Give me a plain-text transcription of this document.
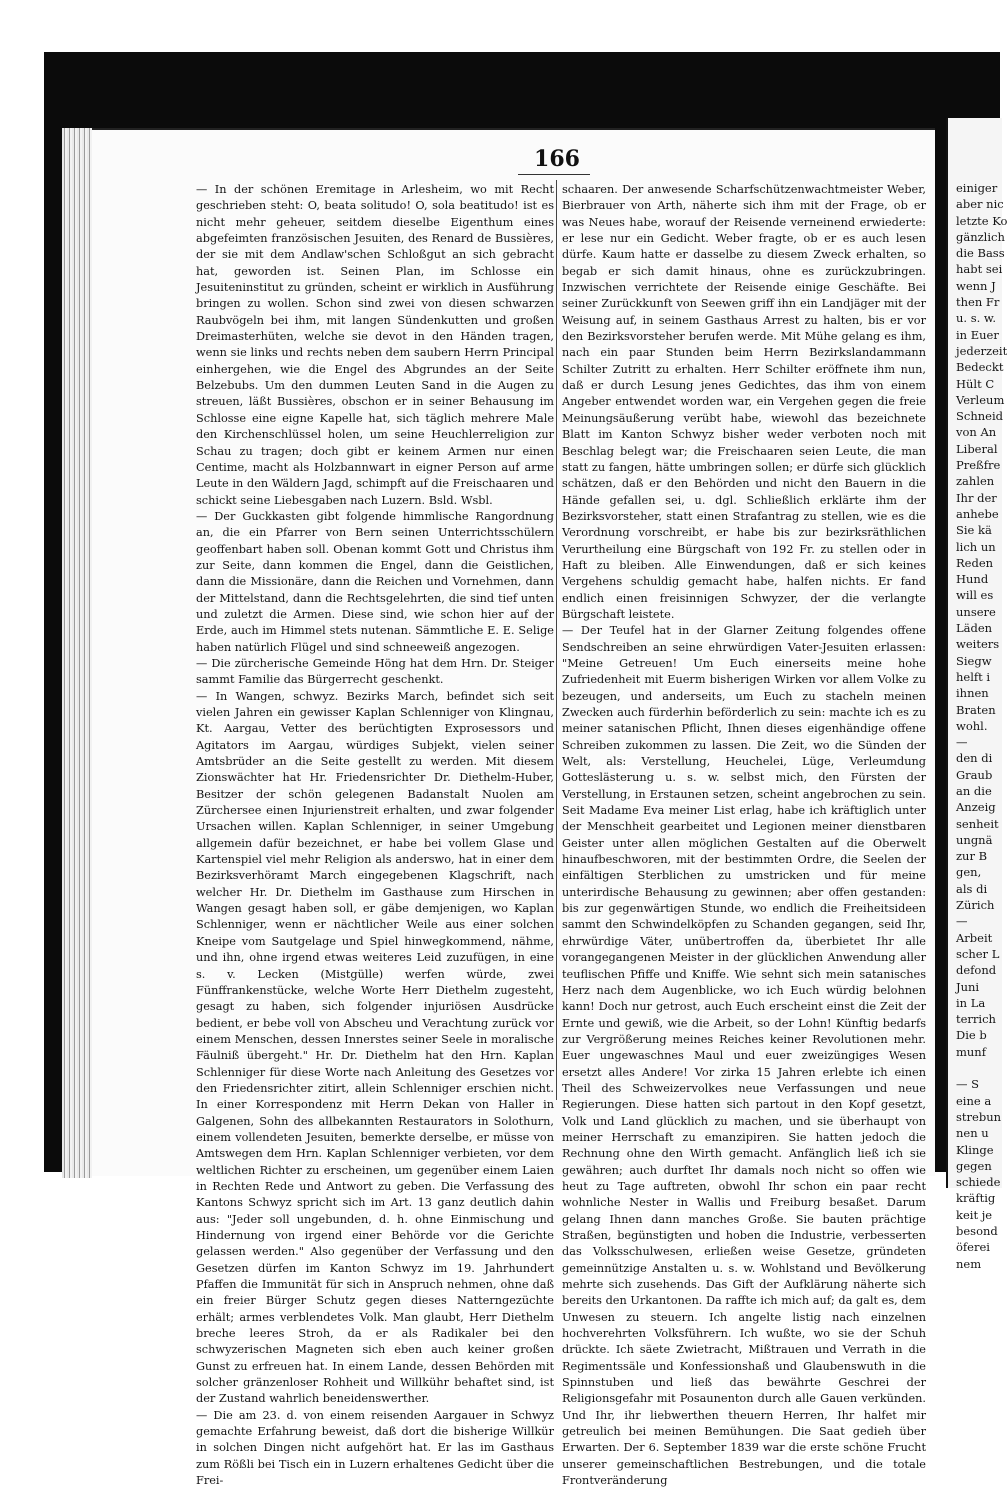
166

— In der schönen Eremitage in Arlesheim, wo mit Recht geschrieben steht: O, beata solitudo! O, sola beatitudo! ist es nicht mehr geheuer, seitdem dieselbe Eigenthum eines abgefeimten französischen Jesuiten, des Renard de Bussières, der sie mit dem Andlaw'schen Schloßgut an sich gebracht hat, geworden ist. Seinen Plan, im Schlosse ein Jesuiteninstitut zu gründen, scheint er wirklich in Ausführung bringen zu wollen. Schon sind zwei von diesen schwarzen Raubvögeln bei ihm, mit langen Sündenkutten und großen Dreimasterhüten, welche sie devot in den Händen tragen, wenn sie links und rechts neben dem saubern Herrn Principal einhergehen, wie die Engel des Abgrundes an der Seite Belzebubs. Um den dummen Leuten Sand in die Augen zu streuen, läßt Bussières, obschon er in seiner Behausung im Schlosse eine eigne Kapelle hat, sich täglich mehrere Male den Kirchenschlüssel holen, um seine Heuchlerreligion zur Schau zu tragen; doch gibt er keinem Armen nur einen Centime, macht als Holzbannwart in eigner Person auf arme Leute in den Wäldern Jagd, schimpft auf die Freischaaren und schickt seine Liebesgaben nach Luzern. Bsld. Wsbl.

— Der Guckkasten gibt folgende himmlische Rangordnung an, die ein Pfarrer von Bern seinen Unterrichtsschülern geoffenbart haben soll. Obenan kommt Gott und Christus ihm zur Seite, dann kommen die Engel, dann die Geistlichen, dann die Missionäre, dann die Reichen und Vornehmen, dann der Mittelstand, dann die Rechtsgelehrten, die sind tief unten und zuletzt die Armen. Diese sind, wie schon hier auf der Erde, auch im Himmel stets nutenan. Sämmtliche E. E. Selige haben natürlich Flügel und sind schneeweiß angezogen.

— Die zürcherische Gemeinde Höng hat dem Hrn. Dr. Steiger sammt Familie das Bürgerrecht geschenkt.

— In Wangen, schwyz. Bezirks March, befindet sich seit vielen Jahren ein gewisser Kaplan Schlenniger von Klingnau, Kt. Aargau, Vetter des berüchtigten Exprosessors und Agitators im Aargau, würdiges Subjekt, vielen seiner Amtsbrüder an die Seite gestellt zu werden. Mit diesem Zionswächter hat Hr. Friedensrichter Dr. Diethelm-Huber, Besitzer der schön gelegenen Badanstalt Nuolen am Zürchersee einen Injurienstreit erhalten, und zwar folgender Ursachen willen. Kaplan Schlenniger, in seiner Umgebung allgemein dafür bezeichnet, er habe bei vollem Glase und Kartenspiel viel mehr Religion als anderswo, hat in einer dem Bezirksverhöramt March eingegebenen Klagschrift, nach welcher Hr. Dr. Diethelm im Gasthause zum Hirschen in Wangen gesagt haben soll, er gäbe demjenigen, wo Kaplan Schlenniger, wenn er nächtlicher Weile aus einer solchen Kneipe vom Sautgelage und Spiel hinwegkommend, nähme, und ihn, ohne irgend etwas weiteres Leid zuzufügen, in eine s. v. Lecken (Mistgülle) werfen würde, zwei Fünffrankenstücke, welche Worte Herr Diethelm zugesteht, gesagt zu haben, sich folgender injuriösen Ausdrücke bedient, er bebe voll von Abscheu und Verachtung zurück vor einem Menschen, dessen Innerstes seiner Seele in moralische Fäulniß übergeht." Hr. Dr. Diethelm hat den Hrn. Kaplan Schlenniger für diese Worte nach Anleitung des Gesetzes vor den Friedensrichter zitirt, allein Schlenniger erschien nicht. In einer Korrespondenz mit Herrn Dekan von Haller in Galgenen, Sohn des allbekannten Restaurators in Solothurn, einem vollendeten Jesuiten, bemerkte derselbe, er müsse von Amtswegen dem Hrn. Kaplan Schlenniger verbieten, vor dem weltlichen Richter zu erscheinen, um gegenüber einem Laien in Rechten Rede und Antwort zu geben. Die Verfassung des Kantons Schwyz spricht sich im Art. 13 ganz deutlich dahin aus: "Jeder soll ungebunden, d. h. ohne Einmischung und Hindernung von irgend einer Behörde vor die Gerichte gelassen werden." Also gegenüber der Verfassung und den Gesetzen dürfen im Kanton Schwyz im 19. Jahrhundert Pfaffen die Immunität für sich in Anspruch nehmen, ohne daß ein freier Bürger Schutz gegen dieses Natterngezüchte erhält; armes verblendetes Volk. Man glaubt, Herr Diethelm breche leeres Stroh, da er als Radikaler bei den schwyzerischen Magneten sich eben auch keiner großen Gunst zu erfreuen hat. In einem Lande, dessen Behörden mit solcher gränzenloser Rohheit und Willkühr behaftet sind, ist der Zustand wahrlich beneidenswerther.

— Die am 23. d. von einem reisenden Aargauer in Schwyz gemachte Erfahrung beweist, daß dort die bisherige Willkür in solchen Dingen nicht aufgehört hat. Er las im Gasthaus zum Rößli bei Tisch ein in Luzern erhaltenes Gedicht über die Frei-

schaaren. Der anwesende Scharfschützenwachtmeister Weber, Bierbrauer von Arth, näherte sich ihm mit der Frage, ob er was Neues habe, worauf der Reisende verneinend erwiederte: er lese nur ein Gedicht. Weber fragte, ob er es auch lesen dürfe. Kaum hatte er dasselbe zu diesem Zweck erhalten, so begab er sich damit hinaus, ohne es zurückzubringen. Inzwischen verrichtete der Reisende einige Geschäfte. Bei seiner Zurückkunft von Seewen griff ihn ein Landjäger mit der Weisung auf, in seinem Gasthaus Arrest zu halten, bis er vor den Bezirksvorsteher berufen werde. Mit Mühe gelang es ihm, nach ein paar Stunden beim Herrn Bezirkslandammann Schilter Zutritt zu erhalten. Herr Schilter eröffnete ihm nun, daß er durch Lesung jenes Gedichtes, das ihm von einem Angeber entwendet worden war, ein Vergehen gegen die freie Meinungsäußerung verübt habe, wiewohl das bezeichnete Blatt im Kanton Schwyz bisher weder verboten noch mit Beschlag belegt war; die Freischaaren seien Leute, die man statt zu fangen, hätte umbringen sollen; er dürfe sich glücklich schätzen, daß er den Behörden und nicht den Bauern in die Hände gefallen sei, u. dgl. Schließlich erklärte ihm der Bezirksvorsteher, statt einen Strafantrag zu stellen, wie es die Verordnung vorschreibt, er habe bis zur bezirksräthlichen Verurtheilung eine Bürgschaft von 192 Fr. zu stellen oder in Haft zu bleiben. Alle Einwendungen, daß er sich keines Vergehens schuldig gemacht habe, halfen nichts. Er fand endlich einen freisinnigen Schwyzer, der die verlangte Bürgschaft leistete.

— Der Teufel hat in der Glarner Zeitung folgendes offene Sendschreiben an seine ehrwürdigen Vater-Jesuiten erlassen: "Meine Getreuen! Um Euch einerseits meine hohe Zufriedenheit mit Euerm bisherigen Wirken vor allem Volke zu bezeugen, und anderseits, um Euch zu stacheln meinen Zwecken auch fürderhin beförderlich zu sein: machte ich es zu meiner satanischen Pflicht, Ihnen dieses eigenhändige offene Schreiben zukommen zu lassen. Die Zeit, wo die Sünden der Welt, als: Verstellung, Heuchelei, Lüge, Verleumdung Gotteslästerung u. s. w. selbst mich, den Fürsten der Verstellung, in Erstaunen setzen, scheint angebrochen zu sein. Seit Madame Eva meiner List erlag, habe ich kräftiglich unter der Menschheit gearbeitet und Legionen meiner dienstbaren Geister unter allen möglichen Gestalten auf die Oberwelt hinaufbeschworen, mit der bestimmten Ordre, die Seelen der einfältigen Sterblichen zu umstricken und für meine unterirdische Behausung zu gewinnen; aber offen gestanden: bis zur gegenwärtigen Stunde, wo endlich die Freiheitsideen sammt den Schwindelköpfen zu Schanden gegangen, seid Ihr, ehrwürdige Väter, unübertroffen da, überbietet Ihr alle vorangegangenen Meister in der glücklichen Anwendung aller teuflischen Pfiffe und Kniffe. Wie sehnt sich mein satanisches Herz nach dem Augenblicke, wo ich Euch würdig belohnen kann! Doch nur getrost, auch Euch erscheint einst die Zeit der Ernte und gewiß, wie die Arbeit, so der Lohn! Künftig bedarfs zur Vergrößerung meines Reiches keiner Revolutionen mehr. Euer ungewaschnes Maul und euer zweizüngiges Wesen ersetzt alles Andere! Vor zirka 15 Jahren erlebte ich einen Theil des Schweizervolkes neue Verfassungen und neue Regierungen. Diese hatten sich partout in den Kopf gesetzt, Volk und Land glücklich zu machen, und sie überhaupt von meiner Herrschaft zu emanzipiren. Sie hatten jedoch die Rechnung ohne den Wirth gemacht. Anfänglich ließ ich sie gewähren; auch durftet Ihr damals noch nicht so offen wie heut zu Tage auftreten, obwohl Ihr schon ein paar recht wohnliche Nester in Wallis und Freiburg besaßet. Darum gelang Ihnen dann manches Große. Sie bauten prächtige Straßen, begünstigten und hoben die Industrie, verbesserten das Volksschulwesen, erließen weise Gesetze, gründeten gemeinnützige Anstalten u. s. w. Wohlstand und Bevölkerung mehrte sich zusehends. Das Gift der Aufklärung näherte sich bereits den Urkantonen. Da raffte ich mich auf; da galt es, dem Unwesen zu steuern. Ich angelte listig nach einzelnen hochverehrten Volksführern. Ich wußte, wo sie der Schuh drückte. Ich säete Zwietracht, Mißtrauen und Verrath in die Regimentssäle und Konfessionshaß und Glaubenswuth in die Spinnstuben und ließ das bewährte Geschrei der Religionsgefahr mit Posaunenton durch alle Gauen verkünden. Und Ihr, ihr liebwerthen theuern Herren, Ihr halfet mir getreulich bei meinen Bemühungen. Die Saat gedieh über Erwarten. Der 6. September 1839 war die erste schöne Frucht unserer gemeinschaftlichen Bestrebungen, und die totale Frontveränderung

einiger
aber nic
letzte Ko
gänzlich
die Bass
habt sei
wenn J
then Fr
u. s. w.
in Euer
jederzeit
Bedeckt
Hült C
Verleum
Schneid
von An
Liberal
Preßfre
zahlen
Ihr der
anhebe
Sie kä
lich un
Reden
Hund
will es
unsere
Läden
weiters
Siegw
helft i
ihnen
Braten
wohl.
—
den di
Graub
an die
Anzeig
senheit
ungnä
zur B
gen,
als di
Zürich
—
Arbeit
scher L
defond
Juni
in La
terrich
Die b
munf

— S
eine a
strebun
nen u
Klinge
gegen
schiede
kräftig
keit je
besond
öferei
nem
